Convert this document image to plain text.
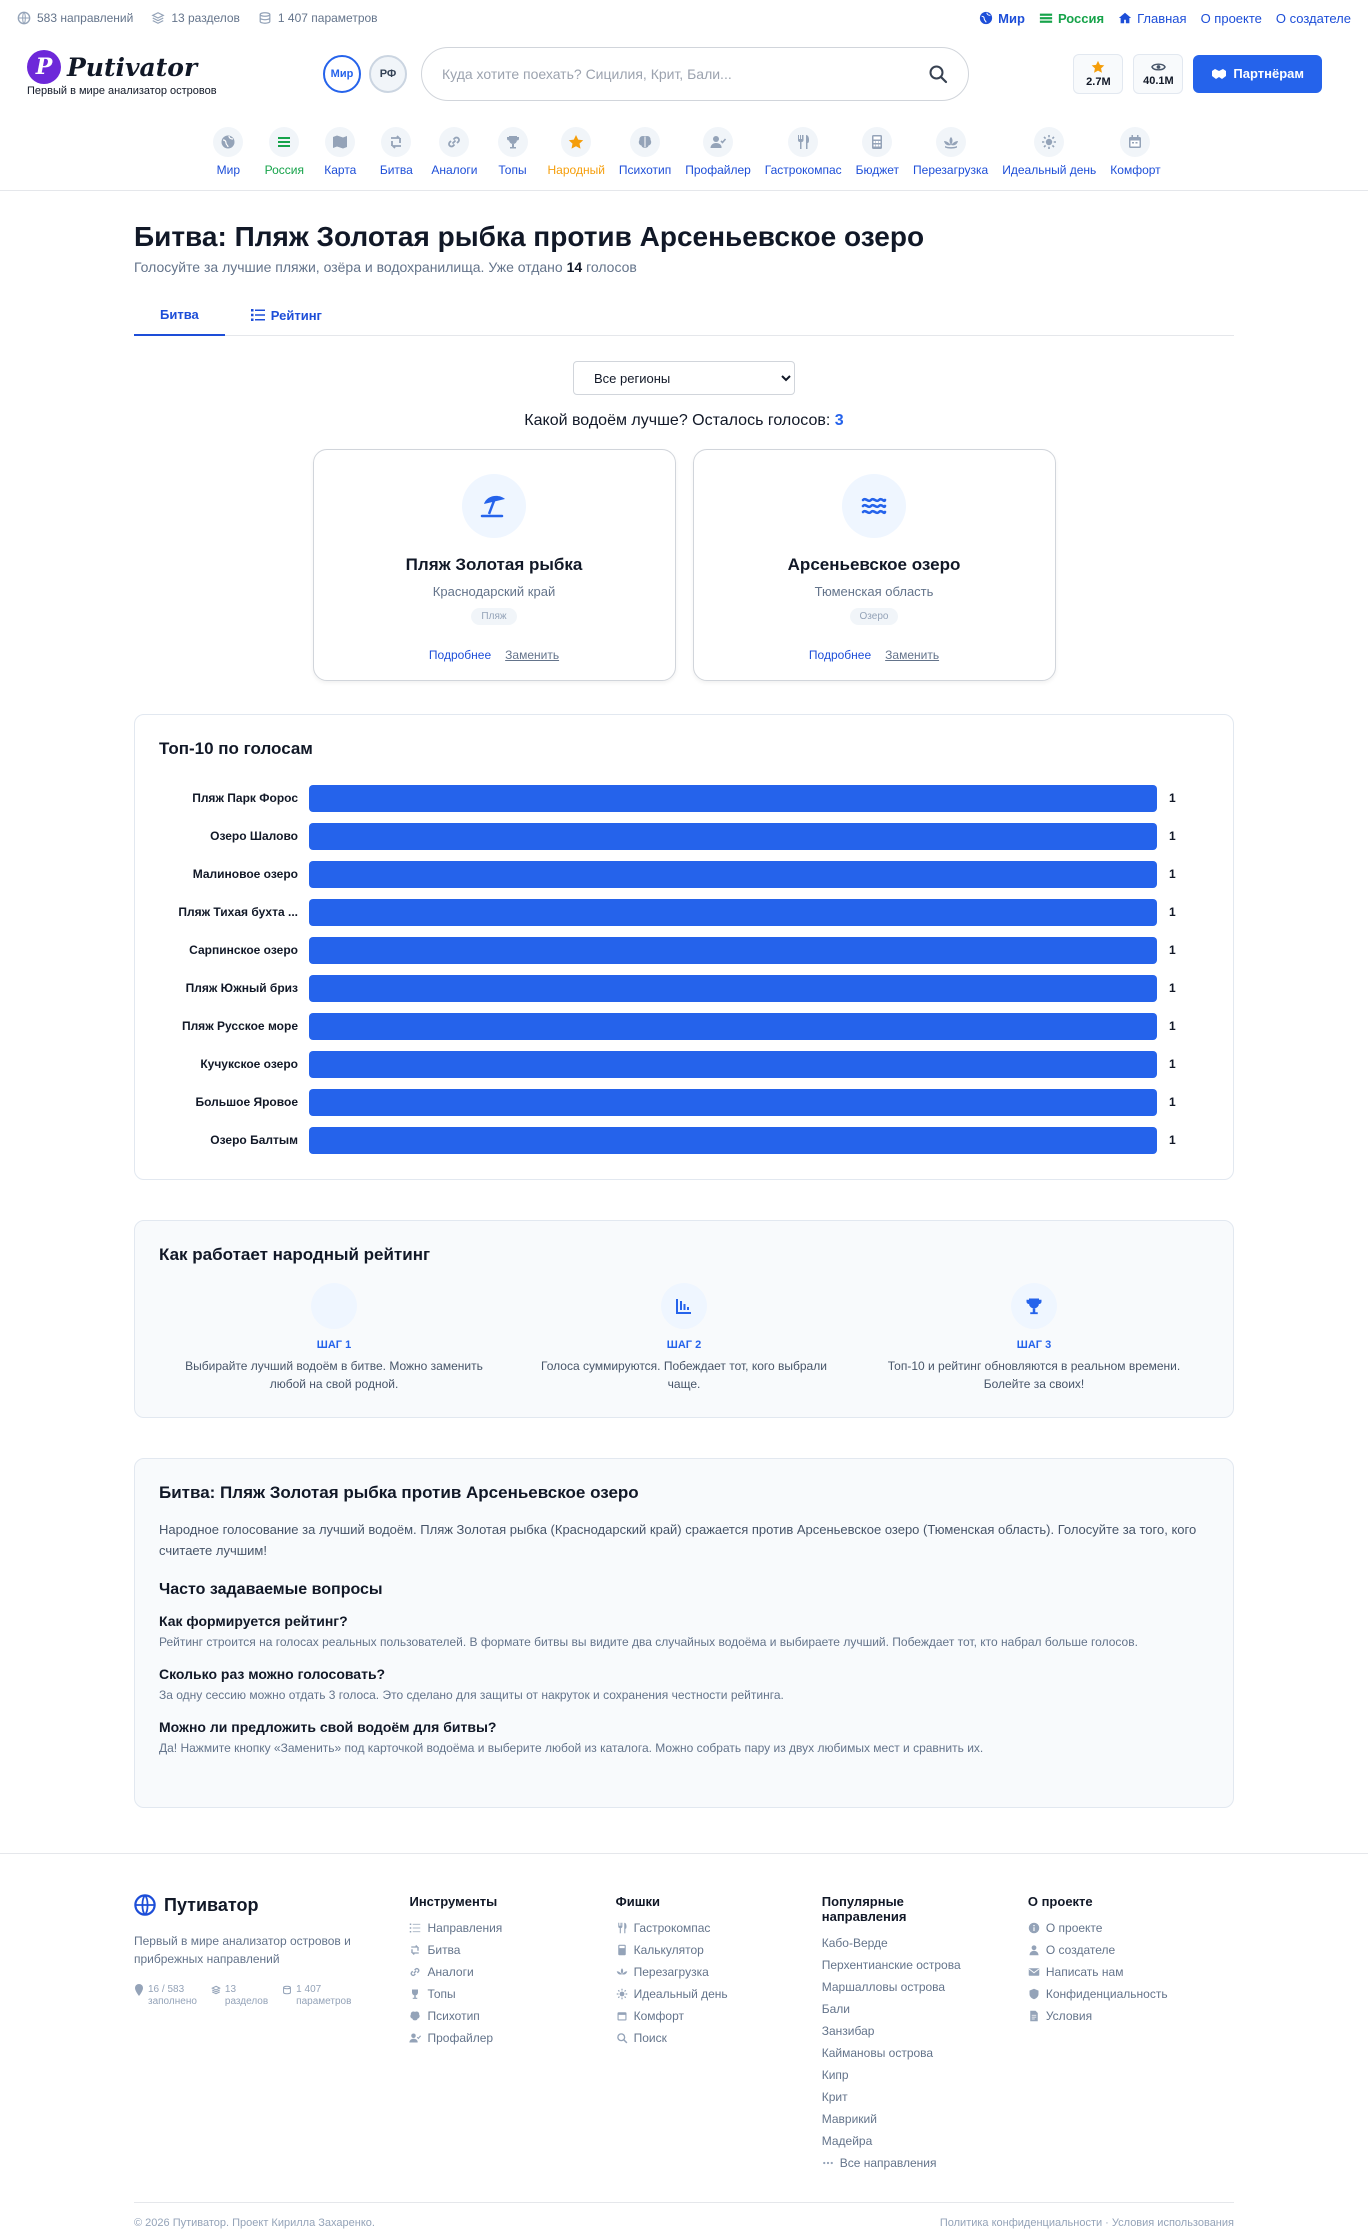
583 направлений	13 разделов	1 407 параметров	Мир	Россия	Главная О проекте О создателе
P Putivator
Первый в мире анализатор островов
Мир	РФ
Куда хотите поехать? Сицилия, Крит, Бали...
2.7M	40.1M	Партнёрам
Мир Россия Карта Битва Аналоги Топы Народный Психотип Профайлер Гастрокомпас Бюджет Перезагрузка Идеальный день Комфорт
Битва: Пляж Золотая рыбка против Арсеньевское озеро

Голосуйте за лучшие пляжи, озёра и водохранилища. Уже отдано 14 голосов

Битва	Рейтинг
Все регионы

Какой водоём лучше? Осталось голосов: 3

Пляж Золотая рыбка
Краснодарский край
Пляж
Подробнее Заменить
Арсеньевское озеро
Тюменская область
Озеро
Подробнее Заменить
Топ-10 по голосам
Пляж Парк Форос	1
Озеро Шалово	1
Малиновое озеро	1
Пляж Тихая бухта ...	1
Сарпинское озеро	1
Пляж Южный бриз	1
Пляж Русское море	1
Кучукское озеро	1
Большое Яровое	1
Озеро Балтым	1
Как работает народный рейтинг
ШАГ 1
Выбирайте лучший водоём в битве. Можно заменить любой на свой родной.
ШАГ 2
Голоса суммируются. Побеждает тот, кого выбрали чаще.
ШАГ 3
Топ-10 и рейтинг обновляются в реальном времени. Болейте за своих!
Битва: Пляж Золотая рыбка против Арсеньевское озеро

Народное голосование за лучший водоём. Пляж Золотая рыбка (Краснодарский край) сражается против Арсеньевское озеро (Тюменская область). Голосуйте за того, кого считаете лучшим!

Часто задаваемые вопросы
Как формируется рейтинг?
Рейтинг строится на голосах реальных пользователей. В формате битвы вы видите два случайных водоёма и выбираете лучший. Побеждает тот, кто набрал больше голосов.
Сколько раз можно голосовать?
За одну сессию можно отдать 3 голоса. Это сделано для защиты от накруток и сохранения честности рейтинга.
Можно ли предложить свой водоём для битвы?
Да! Нажмите кнопку «Заменить» под карточкой водоёма и выберите любой из каталога. Можно собрать пару из двух любимых мест и сравнить их.
Путиватор

Первый в мире анализатор островов и прибрежных направлений

16 / 583
заполнено
13
разделов
1 407
параметров
Инструменты
Направления
Битва
Аналоги
Топы
Психотип
Профайлер
Фишки
Гастрокомпас
Калькулятор
Перезагрузка
Идеальный день
Комфорт
Поиск
Популярные направления
Кабо-Верде
Перхентианские острова
Маршалловы острова
Бали
Занзибар
Каймановы острова
Кипр
Крит
Маврикий
Мадейра
Все направления
О проекте
О проекте
О создателе
Написать нам
Конфиденциальность
Условия
© 2026 Путиватор. Проект Кирилла Захаренко.	Политика конфиденциальности · Условия использования
